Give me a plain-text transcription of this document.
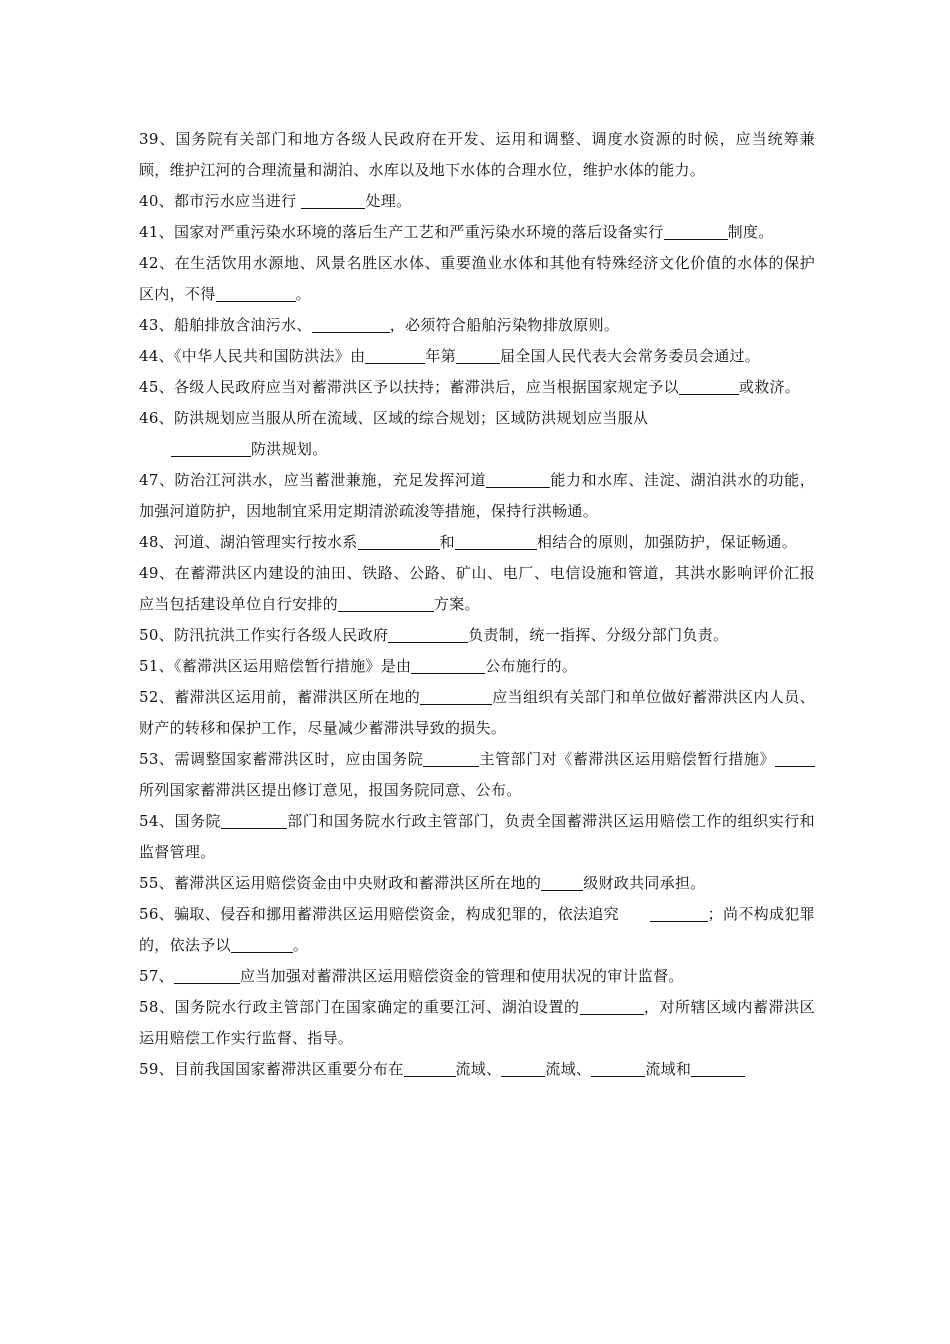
39、国务院有关部门和地方各级人民政府在开发、运用和调整、调度水资源的时候，应当统筹兼顾，维护江河的合理流量和湖泊、水库以及地下水体的合理水位，维护水体的能力。

40、都市污水应当进行	处理。

41、国家对严重污染水环境的落后生产工艺和严重污染水环境的落后设备实行	制度。

42、在生活饮用水源地、风景名胜区水体、重要渔业水体和其他有特殊经济文化价值的水体的保护区内，不得	。

43、船舶排放含油污水、	，必须符合船舶污染物排放原则。

44、《中华人民共和国防洪法》由	年第	届全国人民代表大会常务委员会通过。

45、各级人民政府应当对蓄滞洪区予以扶持；蓄滞洪后，应当根据国家规定予以	或救济。

46、防洪规划应当服从所在流域、区域的综合规划；区域防洪规划应当服从

防洪规划。

47、防治江河洪水，应当蓄泄兼施，充足发挥河道	能力和水库、洼淀、湖泊洪水的功能，加强河道防护，因地制宜采用定期清淤疏浚等措施，保持行洪畅通。

48、河道、湖泊管理实行按水系	和	相结合的原则，加强防护，保证畅通。

49、在蓄滞洪区内建设的油田、铁路、公路、矿山、电厂、电信设施和管道，其洪水影响评价汇报应当包括建设单位自行安排的	方案。

50、防汛抗洪工作实行各级人民政府	负责制，统一指挥、分级分部门负责。

51、《蓄滞洪区运用赔偿暂行措施》是由	公布施行的。

52、蓄滞洪区运用前，蓄滞洪区所在地的	应当组织有关部门和单位做好蓄滞洪区内人员、财产的转移和保护工作，尽量减少蓄滞洪导致的损失。

53、需调整国家蓄滞洪区时，应由国务院	主管部门对《蓄滞洪区运用赔偿暂行措施》所列国家蓄滞洪区提出修订意见，报国务院同意、公布。

54、国务院	部门和国务院水行政主管部门，负责全国蓄滞洪区运用赔偿工作的组织实行和监督管理。

55、蓄滞洪区运用赔偿资金由中央财政和蓄滞洪区所在地的	级财政共同承担。

56、骗取、侵吞和挪用蓄滞洪区运用赔偿资金，构成犯罪的，依法追究　　	；尚不构成犯罪的，依法予以	。

57、	应当加强对蓄滞洪区运用赔偿资金的管理和使用状况的审计监督。

58、国务院水行政主管部门在国家确定的重要江河、湖泊设置的	，对所辖区域内蓄滞洪区运用赔偿工作实行监督、指导。

59、目前我国国家蓄滞洪区重要分布在	流域、	流域、	流域和
